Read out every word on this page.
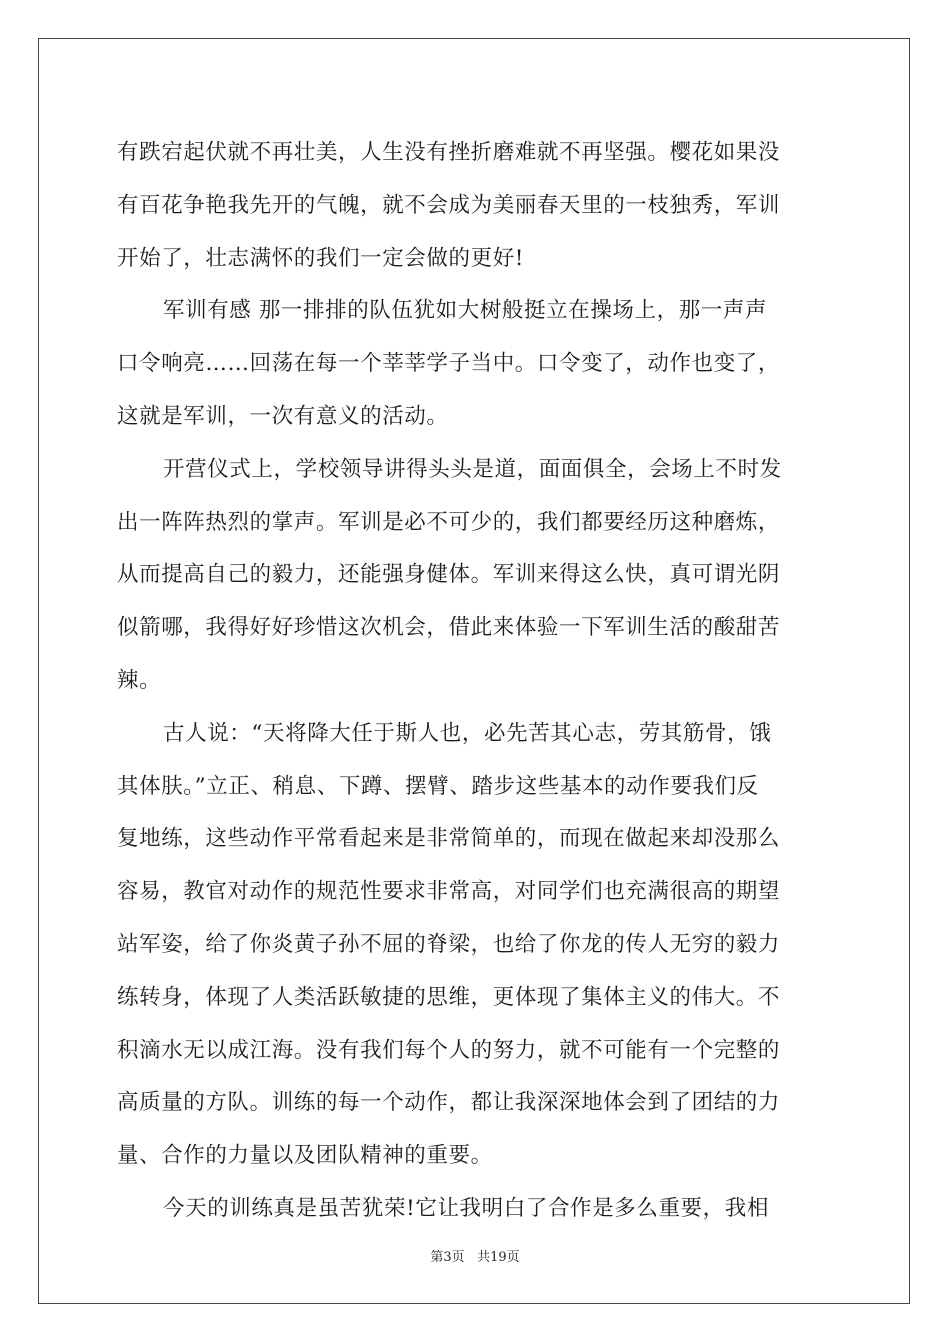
有跌宕起伏就不再壮美，人生没有挫折磨难就不再坚强。樱花如果没
有百花争艳我先开的气魄，就不会成为美丽春天里的一枝独秀，军训
开始了，壮志满怀的我们一定会做的更好!
军训有感 那一排排的队伍犹如大树般挺立在操场上，那一声声
口令响亮……回荡在每一个莘莘学子当中。口令变了，动作也变了，
这就是军训，一次有意义的活动。
开营仪式上，学校领导讲得头头是道，面面俱全，会场上不时发
出一阵阵热烈的掌声。军训是必不可少的，我们都要经历这种磨炼，
从而提高自己的毅力，还能强身健体。军训来得这么快，真可谓光阴
似箭哪，我得好好珍惜这次机会，借此来体验一下军训生活的酸甜苦
辣。
古人说：“天将降大任于斯人也，必先苦其心志，劳其筋骨，饿
其体肤。”立正、稍息、下蹲、摆臂、踏步这些基本的动作要我们反
复地练，这些动作平常看起来是非常简单的，而现在做起来却没那么
容易，教官对动作的规范性要求非常高，对同学们也充满很高的期望
站军姿，给了你炎黄子孙不屈的脊梁，也给了你龙的传人无穷的毅力
练转身，体现了人类活跃敏捷的思维，更体现了集体主义的伟大。不
积滴水无以成江海。没有我们每个人的努力，就不可能有一个完整的
高质量的方队。训练的每一个动作，都让我深深地体会到了团结的力
量、合作的力量以及团队精神的重要。
今天的训练真是虽苦犹荣!它让我明白了合作是多么重要，我相
第3页 共19页
